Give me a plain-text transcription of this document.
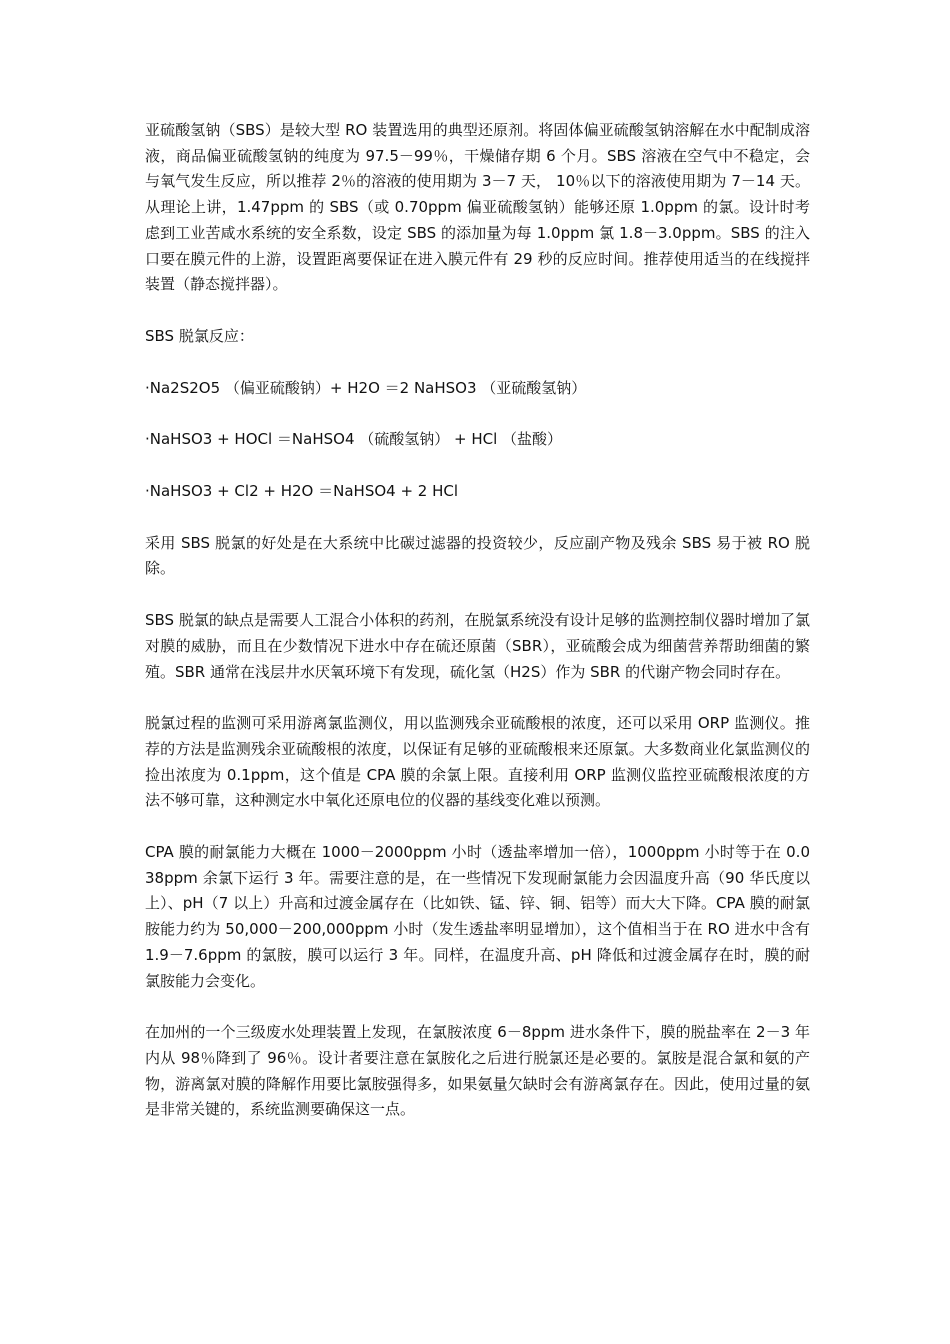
亚硫酸氢钠（SBS）是较大型 RO 装置选用的典型还原剂。将固体偏亚硫酸氢钠溶解在水中配制成溶液，商品偏亚硫酸氢钠的纯度为 97.5－99％，干燥储存期 6 个月。SBS 溶液在空气中不稳定，会与氧气发生反应，所以推荐 2％的溶液的使用期为 3－7 天， 10％以下的溶液使用期为 7－14 天。从理论上讲，1.47ppm 的 SBS（或 0.70ppm 偏亚硫酸氢钠）能够还原 1.0ppm 的氯。设计时考虑到工业苦咸水系统的安全系数，设定 SBS 的添加量为每 1.0ppm 氯 1.8－3.0ppm。SBS 的注入口要在膜元件的上游，设置距离要保证在进入膜元件有 29 秒的反应时间。推荐使用适当的在线搅拌装置（静态搅拌器）。

SBS 脱氯反应：

·Na2S2O5 （偏亚硫酸钠）+ H2O ＝2 NaHSO3 （亚硫酸氢钠）

·NaHSO3 + HOCl ＝NaHSO4 （硫酸氢钠） + HCl （盐酸）

·NaHSO3 + Cl2 + H2O ＝NaHSO4 + 2 HCl

采用 SBS 脱氯的好处是在大系统中比碳过滤器的投资较少，反应副产物及残余 SBS 易于被 RO 脱除。

SBS 脱氯的缺点是需要人工混合小体积的药剂，在脱氯系统没有设计足够的监测控制仪器时增加了氯对膜的威胁，而且在少数情况下进水中存在硫还原菌（SBR），亚硫酸会成为细菌营养帮助细菌的繁殖。SBR 通常在浅层井水厌氧环境下有发现，硫化氢（H2S）作为 SBR 的代谢产物会同时存在。

脱氯过程的监测可采用游离氯监测仪，用以监测残余亚硫酸根的浓度，还可以采用 ORP 监测仪。推荐的方法是监测残余亚硫酸根的浓度，以保证有足够的亚硫酸根来还原氯。大多数商业化氯监测仪的捡出浓度为 0.1ppm，这个值是 CPA 膜的余氯上限。直接利用 ORP 监测仪监控亚硫酸根浓度的方法不够可靠，这种测定水中氧化还原电位的仪器的基线变化难以预测。

CPA 膜的耐氯能力大概在 1000－2000ppm 小时（透盐率增加一倍），1000ppm 小时等于在 0.038ppm 余氯下运行 3 年。需要注意的是，在一些情况下发现耐氯能力会因温度升高（90 华氏度以上）、pH（7 以上）升高和过渡金属存在（比如铁、锰、锌、铜、铝等）而大大下降。CPA 膜的耐氯胺能力约为 50,000－200,000ppm 小时（发生透盐率明显增加），这个值相当于在 RO 进水中含有 1.9－7.6ppm 的氯胺，膜可以运行 3 年。同样，在温度升高、pH 降低和过渡金属存在时，膜的耐氯胺能力会变化。

在加州的一个三级废水处理装置上发现，在氯胺浓度 6－8ppm 进水条件下，膜的脱盐率在 2－3 年内从 98％降到了 96％。设计者要注意在氯胺化之后进行脱氯还是必要的。氯胺是混合氯和氨的产物，游离氯对膜的降解作用要比氯胺强得多，如果氨量欠缺时会有游离氯存在。因此，使用过量的氨是非常关键的，系统监测要确保这一点。
